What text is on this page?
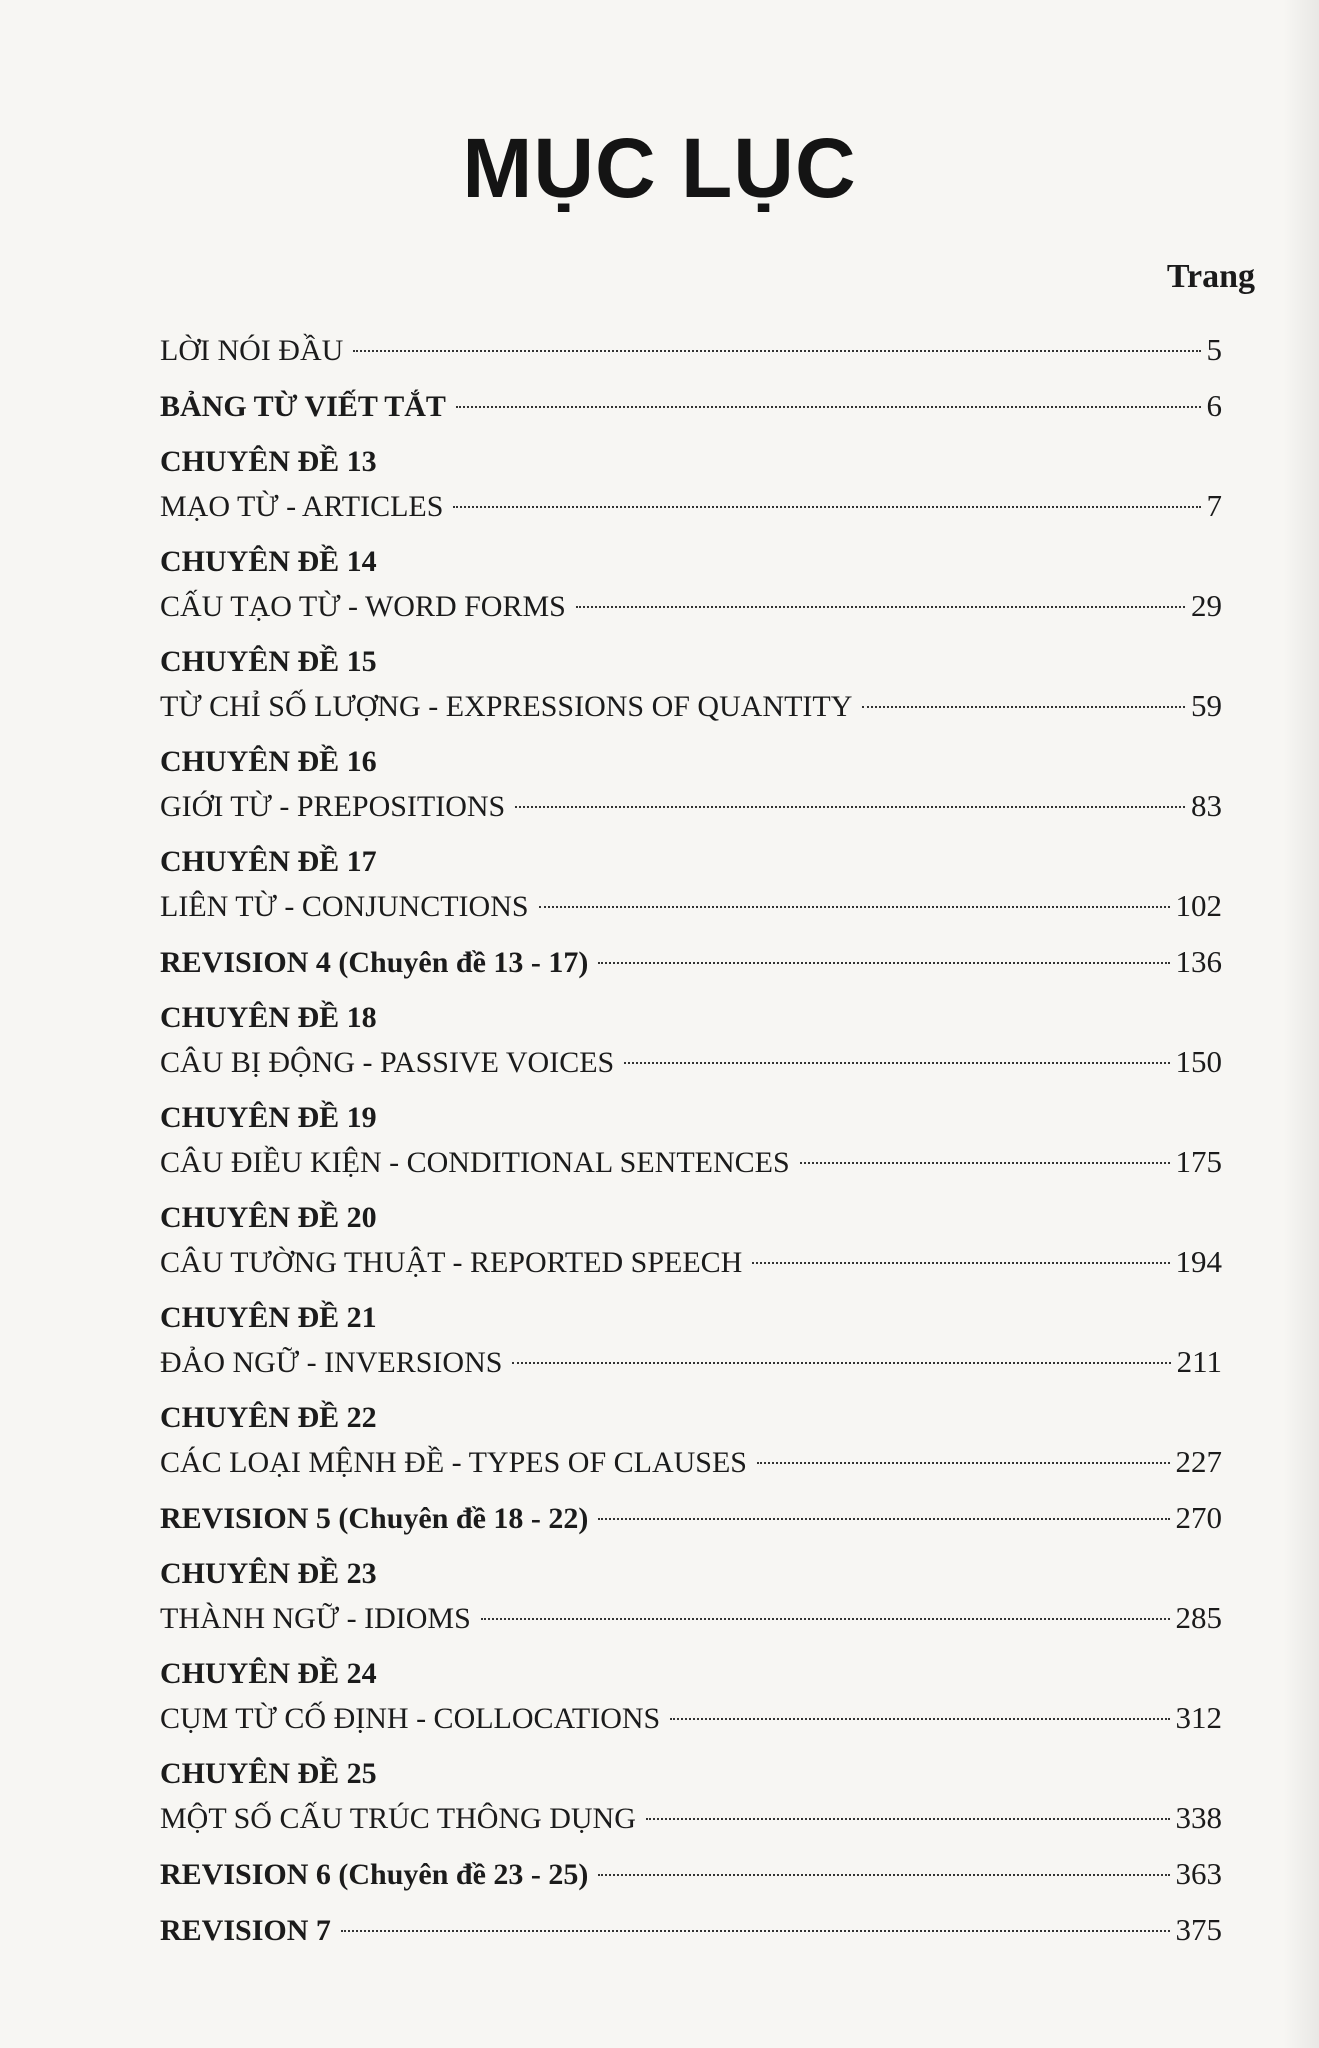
MỤC LỤC
Trang
LỜI NÓI ĐẦU	5
BẢNG TỪ VIẾT TẮT	6
CHUYÊN ĐỀ 13
MẠO TỪ - ARTICLES	7
CHUYÊN ĐỀ 14
CẤU TẠO TỪ - WORD FORMS	29
CHUYÊN ĐỀ 15
TỪ CHỈ SỐ LƯỢNG - EXPRESSIONS OF QUANTITY	59
CHUYÊN ĐỀ 16
GIỚI TỪ - PREPOSITIONS	83
CHUYÊN ĐỀ 17
LIÊN TỪ - CONJUNCTIONS	102
REVISION 4 (Chuyên đề 13 - 17)	136
CHUYÊN ĐỀ 18
CÂU BỊ ĐỘNG - PASSIVE VOICES	150
CHUYÊN ĐỀ 19
CÂU ĐIỀU KIỆN - CONDITIONAL SENTENCES	175
CHUYÊN ĐỀ 20
CÂU TƯỜNG THUẬT - REPORTED SPEECH	194
CHUYÊN ĐỀ 21
ĐẢO NGỮ - INVERSIONS	211
CHUYÊN ĐỀ 22
CÁC LOẠI MỆNH ĐỀ - TYPES OF CLAUSES	227
REVISION 5 (Chuyên đề 18 - 22)	270
CHUYÊN ĐỀ 23
THÀNH NGỮ - IDIOMS	285
CHUYÊN ĐỀ 24
CỤM TỪ CỐ ĐỊNH - COLLOCATIONS	312
CHUYÊN ĐỀ 25
MỘT SỐ CẤU TRÚC THÔNG DỤNG	338
REVISION 6 (Chuyên đề 23 - 25)	363
REVISION 7	375
